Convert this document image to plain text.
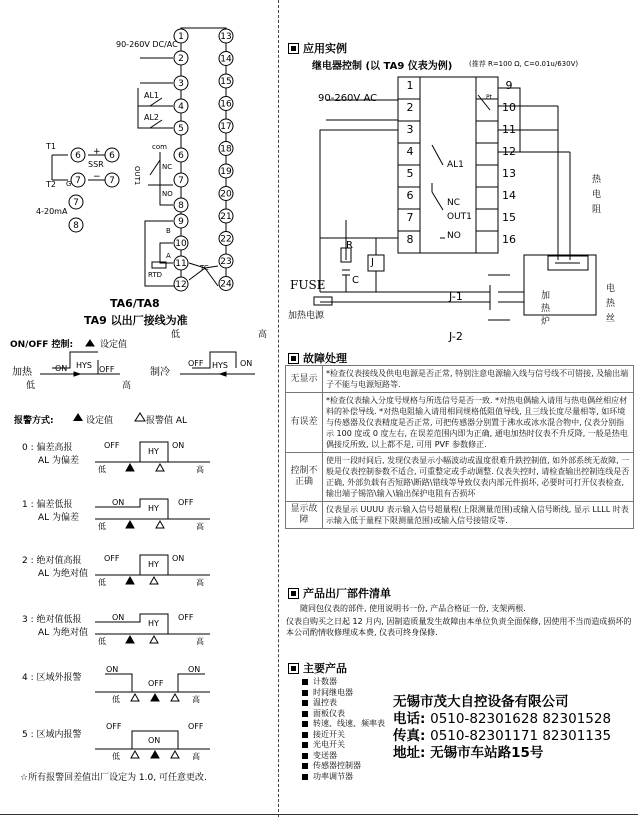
1
2
3
4
5
6
7
8
9
10
11
12
6
7
6
7
7
8
13
14
15
16
17
18
19
20
21
22
23
24
90-260V DC/AC
AL1
AL2
com
NC
NO
OUT1
T1
T2 G
SSR
+
−
4-20mA
B
A
RTD
TC
TA6/TA8
TA9 以出厂接线为准
ON/OFF 控制:	设定值
低	高
加热	制冷
低	高
ON HYS OFF
OFF HYS ON
报警方式:	设定值	报警值 AL
0 : 偏差高报
AL 为偏差
1 : 偏差低报
AL 为偏差
2 : 绝对值高报
AL 为绝对值
3 : 绝对值低报
AL 为绝对值
4 : 区域外报警
5 : 区域内报警
OFF
HY
ON
低	高
ON
HY
OFF
低	高
OFF
HY
ON
低	高
ON
HY
OFF
低	高
ON
OFF
ON
低	高
OFF
ON
OFF
低	高
☆所有报警回差值出厂设定为 1.0, 可任意更改.
应用实例
继电器控制 (以 TA9 仪表为例) (推荐 R=100 Ω, C=0.01u/630V)
1
2
3
4
5
6
7
8
9
10
11
12
13
14
15
16
90-260V AC
AL1
NC
OUT1
NO
Pt
R
C
J
FUSE
加热电源
J-1
J-2
加热炉
热电阻
电热丝
故障处理
无显示	*检查仪表接线及供电电源是否正常, 特别注意电源输入线与信号线不可错接, 及输出端子不能与电源短路等.
有误差	*检查仪表输入分度号规格与所选信号是否一致. *对热电偶输入请用与热电偶丝相应材料的补偿导线. *对热电阻输入请用相同规格低阻值导线, 且三线长度尽量相等, 如环境与传感器及仪表精度是否正常, 可把传感器分别置于沸水或冰水混合物中, 仪表分别指示 100 度或 0 度左右, 在误差范围内即为正确, 通电加热时仪表不升反降, 一般是热电偶接反所致, 以上都不是, 可用 PVF 参数修正.
控制不正确	使用一段时间后, 发现仪表显示小幅波动或温度很难升跌控制值, 如外部系统无故障, 一般是仪表控制参数不适合, 可重整定或手动调整. 仪表失控时, 请检查输出控制连线是否正确, 外部负载有否短路\断路\错线等导致仪表内部元件损坏, 必要时可打开仪表检查, 输出端子锡箔\输入\输出保护电阻有否损坏
显示故障	仪表显示 UUUU 表示输入信号超量程(上限测量范围)或输入信号断线, 显示 LLLL 时表示输入低于量程下限测量范围)或输入信号接错反等.
产品出厂部件清单
随同包仪表的部件, 使用说明书一份, 产品合格证一份, 支架两根.
仪表自购买之日起 12 月内, 因制造质量发生故障由本单位负责全面保修, 因使用不当而造成损坏的本公司酌情收修理成本费, 仪表可终身保修.
主要产品
计数器
时间继电器
温控表
面板仪表
转速、线速、频率表
接近开关
光电开关
变送器
传感器控制器
功率调节器
无锡市茂大自控设备有限公司
电话: 0510-82301628 82301528
传真: 0510-82301171 82301135
地址: 无锡市车站路15号
